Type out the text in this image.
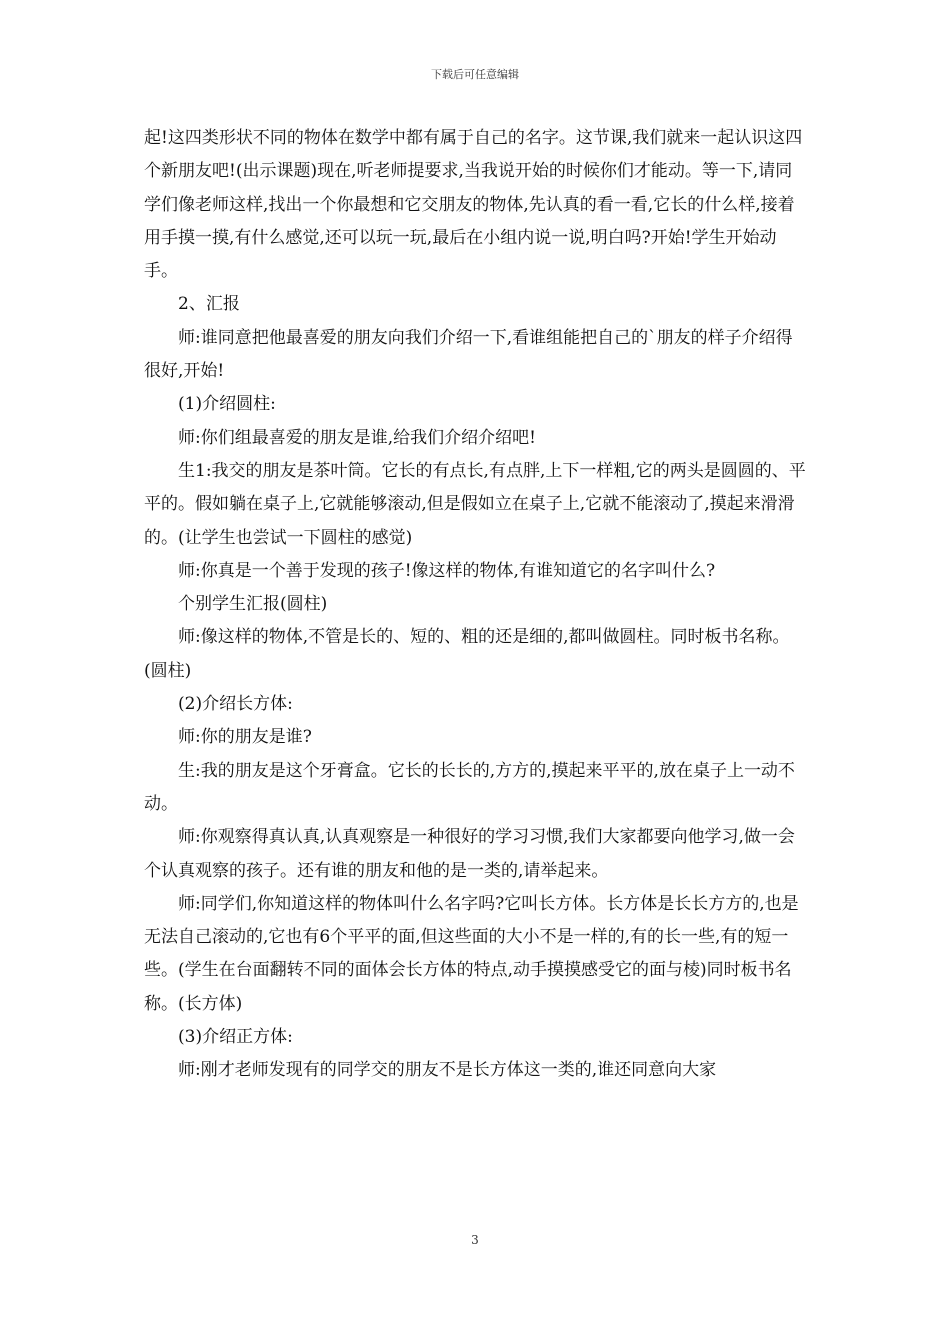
下载后可任意编辑

起!这四类形状不同的物体在数学中都有属于自己的名字。这节课,我们就来一起认识这四个新朋友吧!(出示课题)现在,听老师提要求,当我说开始的时候你们才能动。等一下,请同学们像老师这样,找出一个你最想和它交朋友的物体,先认真的看一看,它长的什么样,接着用手摸一摸,有什么感觉,还可以玩一玩,最后在小组内说一说,明白吗?开始!学生开始动手。

2、汇报

师:谁同意把他最喜爱的朋友向我们介绍一下,看谁组能把自己的`朋友的样子介绍得很好,开始!

(1)介绍圆柱:

师:你们组最喜爱的朋友是谁,给我们介绍介绍吧!

生1:我交的朋友是茶叶筒。它长的有点长,有点胖,上下一样粗,它的两头是圆圆的、平平的。假如躺在桌子上,它就能够滚动,但是假如立在桌子上,它就不能滚动了,摸起来滑滑的。(让学生也尝试一下圆柱的感觉)

师:你真是一个善于发现的孩子!像这样的物体,有谁知道它的名字叫什么?

个别学生汇报(圆柱)

师:像这样的物体,不管是长的、短的、粗的还是细的,都叫做圆柱。同时板书名称。(圆柱)

(2)介绍长方体:

师:你的朋友是谁?

生:我的朋友是这个牙膏盒。它长的长长的,方方的,摸起来平平的,放在桌子上一动不动。

师:你观察得真认真,认真观察是一种很好的学习习惯,我们大家都要向他学习,做一会个认真观察的孩子。还有谁的朋友和他的是一类的,请举起来。

师:同学们,你知道这样的物体叫什么名字吗?它叫长方体。长方体是长长方方的,也是无法自己滚动的,它也有6个平平的面,但这些面的大小不是一样的,有的长一些,有的短一些。(学生在台面翻转不同的面体会长方体的特点,动手摸摸感受它的面与棱)同时板书名称。(长方体)

(3)介绍正方体:

师:刚才老师发现有的同学交的朋友不是长方体这一类的,谁还同意向大家

3
